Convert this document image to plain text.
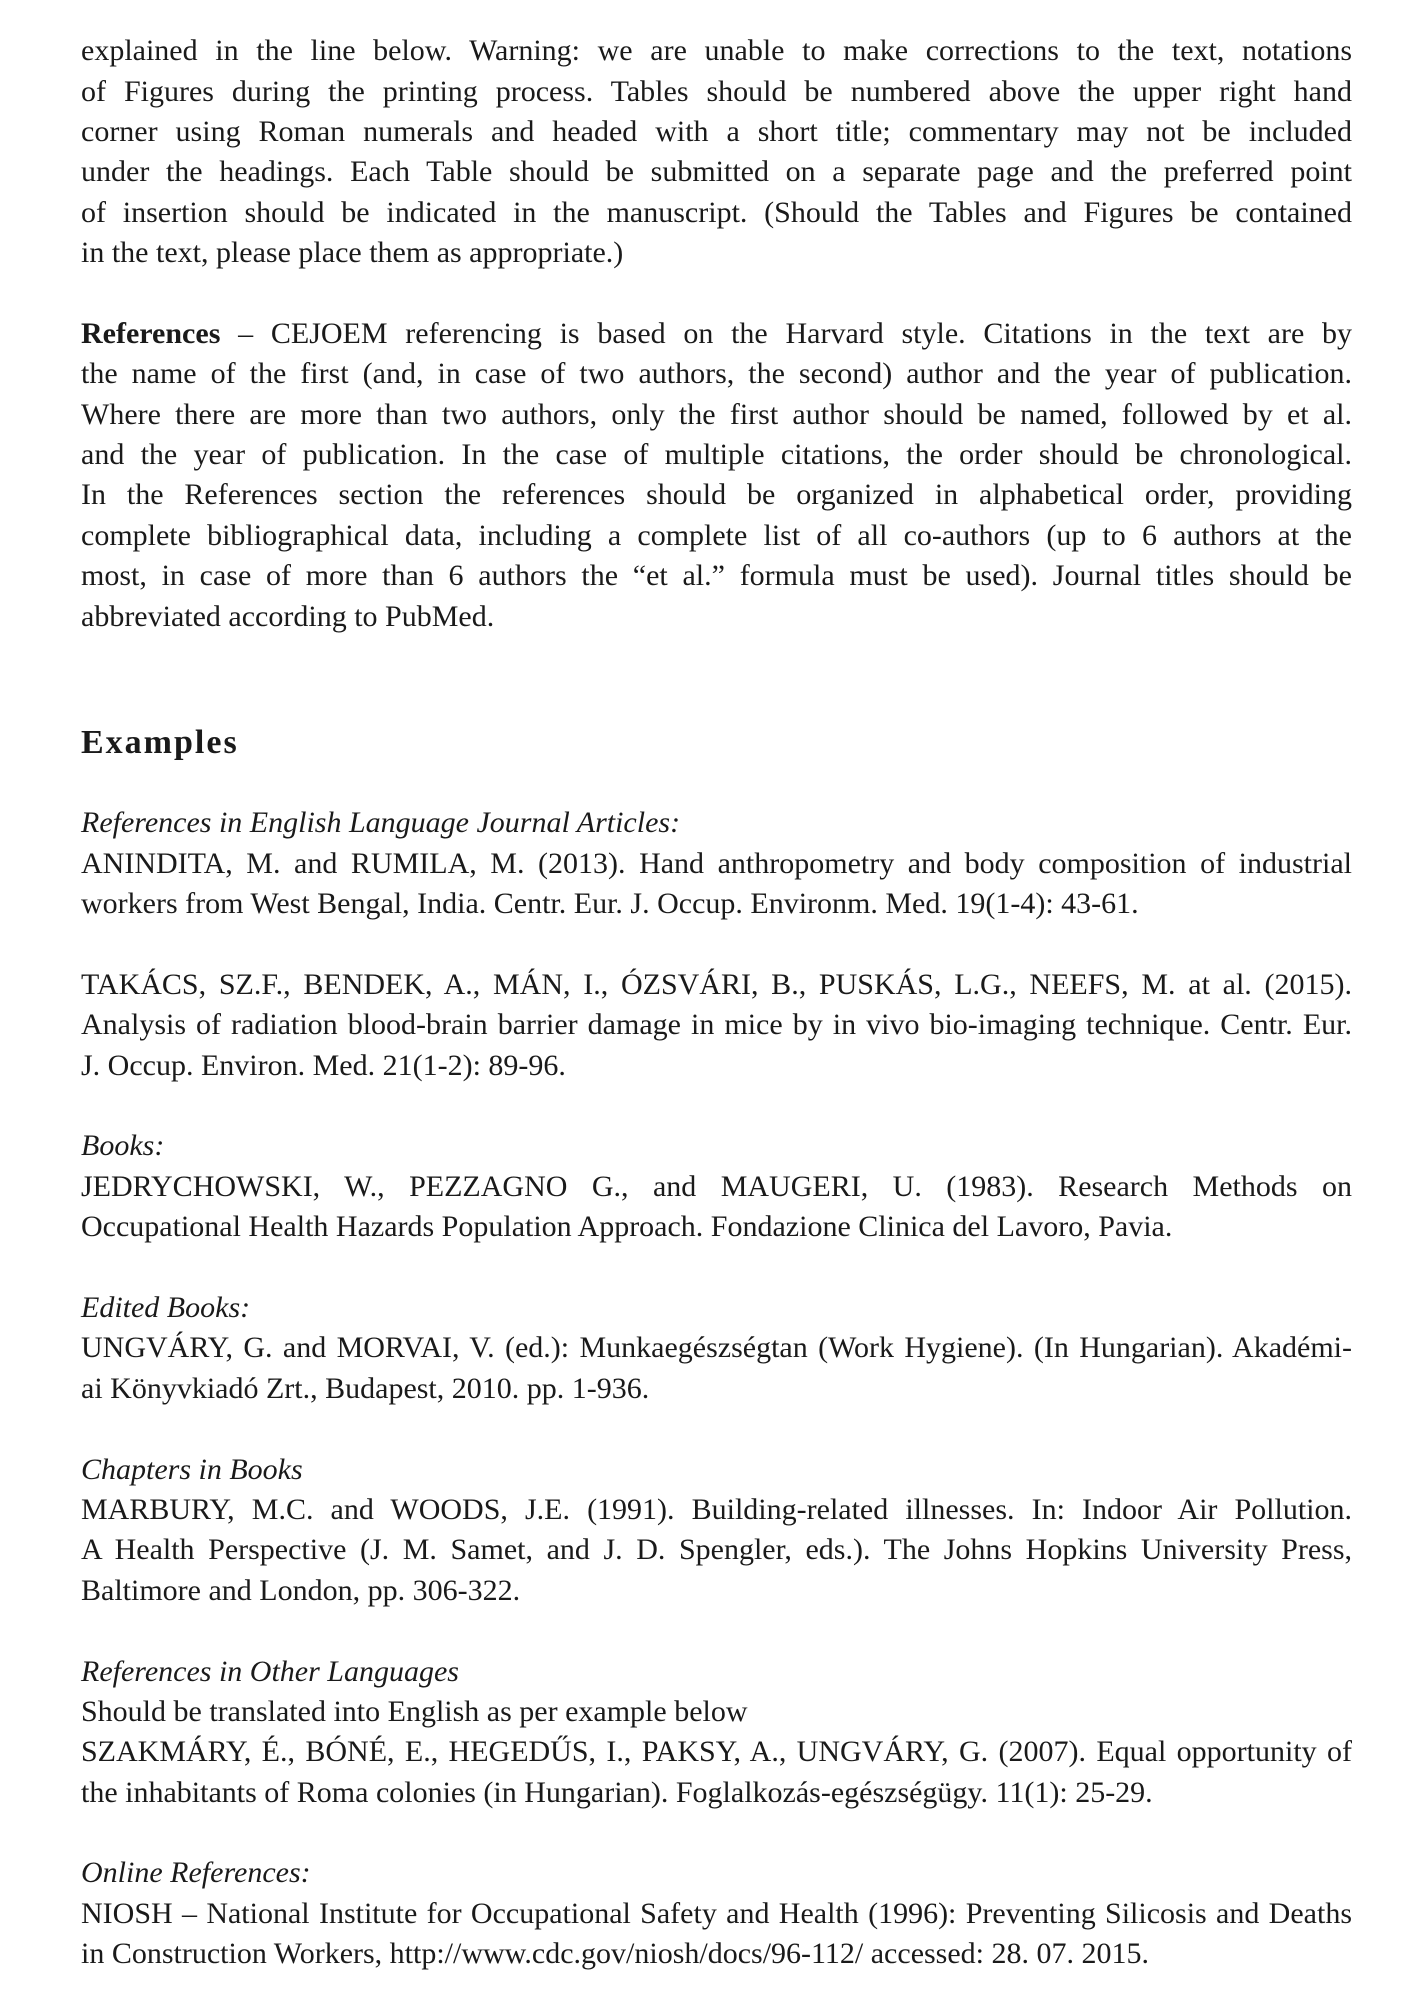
explained in the line below. Warning: we are unable to make corrections to the text, notations
of Figures during the printing process. Tables should be numbered above the upper right hand
corner using Roman numerals and headed with a short title; commentary may not be included
under the headings. Each Table should be submitted on a separate page and the preferred point
of insertion should be indicated in the manuscript. (Should the Tables and Figures be contained
in the text, please place them as appropriate.)
References – CEJOEM referencing is based on the Harvard style. Citations in the text are by
the name of the first (and, in case of two authors, the second) author and the year of publication.
Where there are more than two authors, only the first author should be named, followed by et al.
and the year of publication. In the case of multiple citations, the order should be chronological.
In the References section the references should be organized in alphabetical order, providing
complete bibliographical data, including a complete list of all co-authors (up to 6 authors at the
most, in case of more than 6 authors the “et al.” formula must be used). Journal titles should be
abbreviated according to PubMed.
Examples
References in English Language Journal Articles:
ANINDITA, M. and RUMILA, M. (2013). Hand anthropometry and body composition of industrial
workers from West Bengal, India. Centr. Eur. J. Occup. Environm. Med. 19(1-4): 43-61.
TAKÁCS, SZ.F., BENDEK, A., MÁN, I., ÓZSVÁRI, B., PUSKÁS, L.G., NEEFS, M. at al. (2015).
Analysis of radiation blood-brain barrier damage in mice by in vivo bio-imaging technique. Centr. Eur.
J. Occup. Environ. Med. 21(1-2): 89-96.
Books:
JEDRYCHOWSKI, W., PEZZAGNO G., and MAUGERI, U. (1983). Research Methods on
Occupational Health Hazards Population Approach. Fondazione Clinica del Lavoro, Pavia.
Edited Books:
UNGVÁRY, G. and MORVAI, V. (ed.): Munkaegészségtan (Work Hygiene). (In Hungarian). Akadémi-
ai Könyvkiadó Zrt., Budapest, 2010. pp. 1-936.
Chapters in Books
MARBURY, M.C. and WOODS, J.E. (1991). Building-related illnesses. In: Indoor Air Pollution.
A Health Perspective (J. M. Samet, and J. D. Spengler, eds.). The Johns Hopkins University Press,
Baltimore and London, pp. 306-322.
References in Other Languages
Should be translated into English as per example below
SZAKMÁRY, É., BÓNÉ, E., HEGEDŰS, I., PAKSY, A., UNGVÁRY, G. (2007). Equal opportunity of
the inhabitants of Roma colonies (in Hungarian). Foglalkozás-egészségügy. 11(1): 25-29.
Online References:
NIOSH – National Institute for Occupational Safety and Health (1996): Preventing Silicosis and Deaths
in Construction Workers, http://www.cdc.gov/niosh/docs/96-112/ accessed: 28. 07. 2015.
